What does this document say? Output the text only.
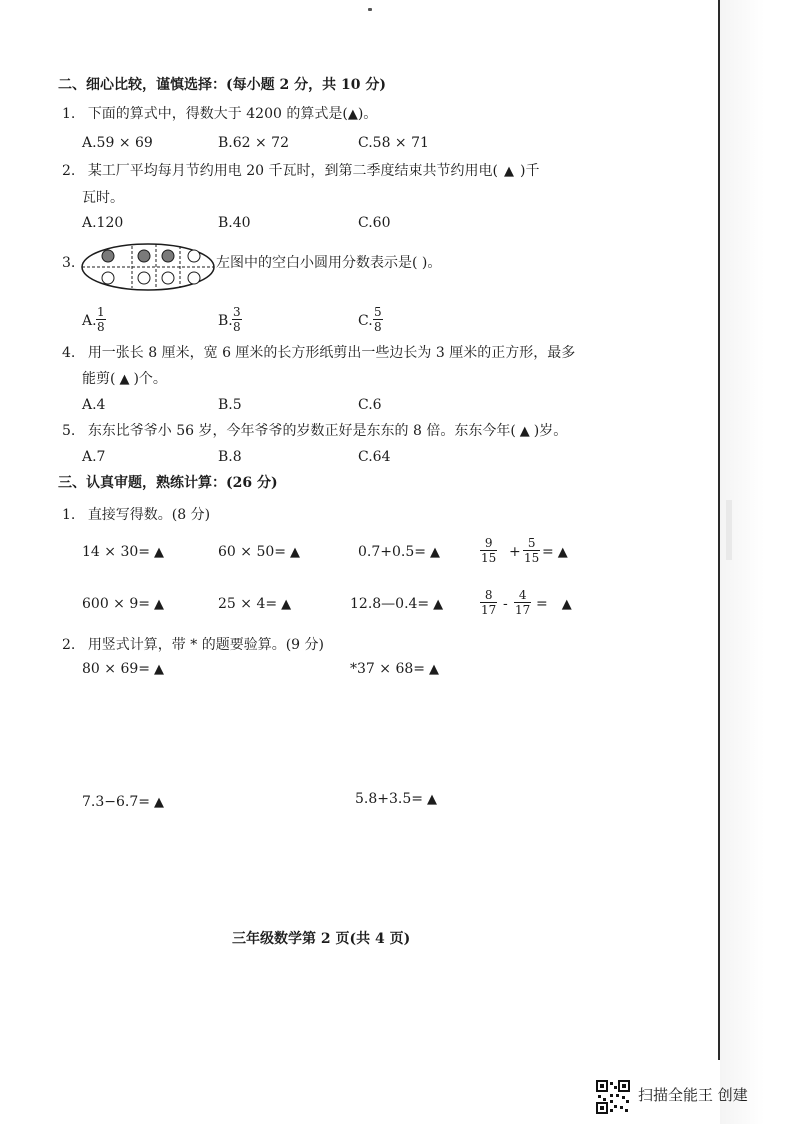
二、细心比较，谨慎选择：(每小题 2 分，共 10 分)
1. 下面的算式中，得数大于 4200 的算式是(▲)。
A.59 × 69	B.62 × 72	C.58 × 71
2. 某工厂平均每月节约用电 20 千瓦时，到第二季度结束共节约用电( ▲ )千
瓦时。
A.120	B.40	C.60
3.	左图中的空白小圆用分数表示是( )。
A.
1
8	B.
3
8	C.
5
8
4. 用一张长 8 厘米，宽 6 厘米的长方形纸剪出一些边长为 3 厘米的正方形，最多
能剪( ▲ )个。
A.4	B.5	C.6
5. 东东比爷爷小 56 岁，今年爷爷的岁数正好是东东的 8 倍。东东今年( ▲ )岁。
A.7	B.8	C.64
三、认真审题，熟练计算：(26 分)
1. 直接写得数。(8 分)
14 × 30= ▲	60 × 50= ▲	0.7+0.5= ▲
9
15 +
5
15 = ▲
600 × 9= ▲	25 × 4= ▲	12.8—0.4= ▲
8
17 -
4
17 = ▲
2. 用竖式计算，带 * 的题要验算。(9 分)
80 × 69= ▲	*37 × 68= ▲
7.3−6.7= ▲	5.8+3.5= ▲
三年级数学第 2 页(共 4 页)
扫描全能王 创建
